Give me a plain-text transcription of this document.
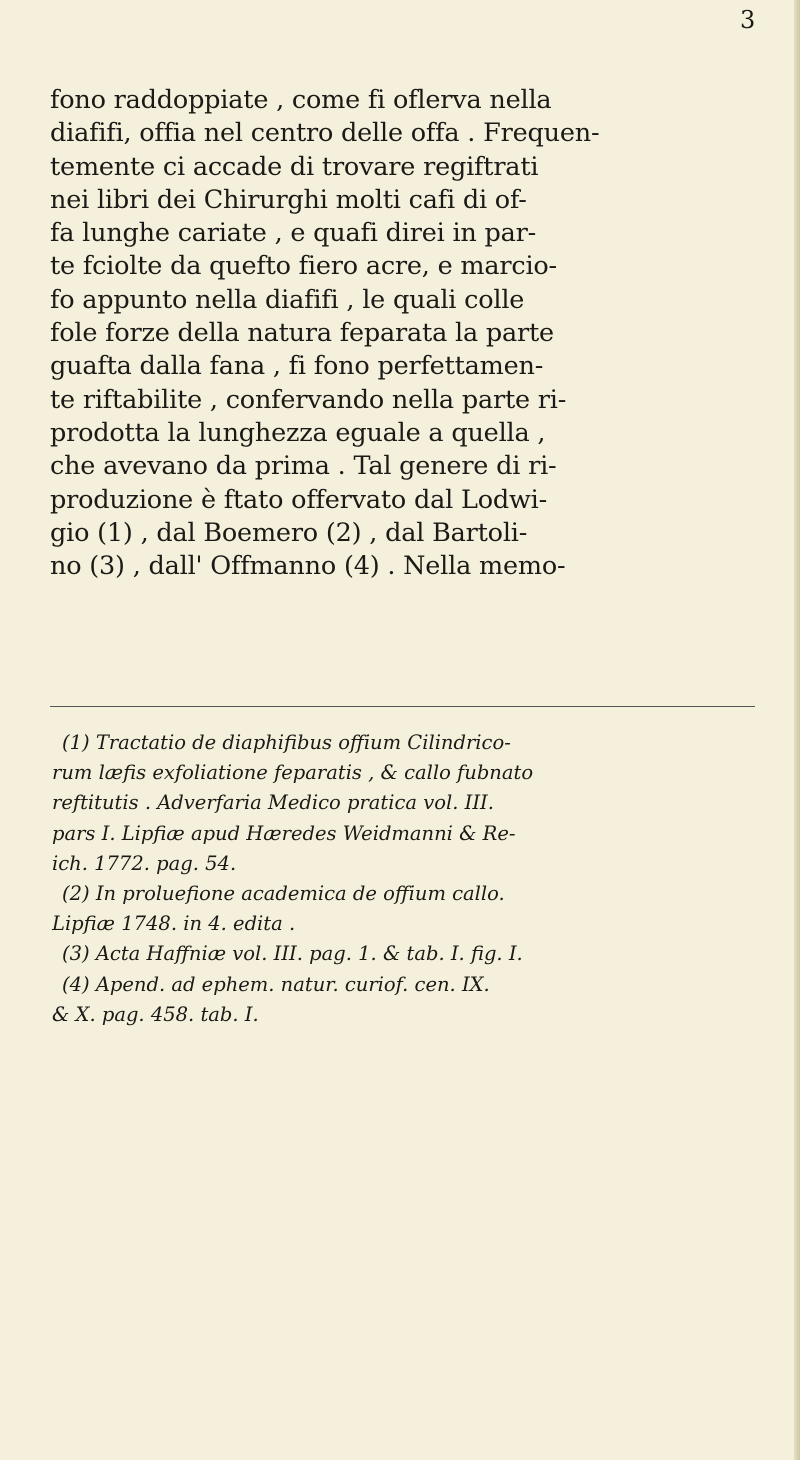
3
fono raddoppiate , come fi oflerva nella
diafifi, offia nel centro delle offa . Frequen-
temente ci accade di trovare regiftrati
nei libri dei Chirurghi molti cafi di of-
fa lunghe cariate , e quafi direi in par-
te fciolte da quefto fiero acre, e marcio-
fo appunto nella diafifi , le quali colle
fole forze della natura feparata la parte
guafta dalla fana , fi fono perfettamen-
te riftabilite , confervando nella parte ri-
prodotta la lunghezza eguale a quella ,
che avevano da prima . Tal genere di ri-
produzione è ftato offervato dal Lodwi-
gio (1) , dal Boemero (2) , dal Bartoli-
no (3) , dall' Offmanno (4) . Nella memo-
(1) Tractatio de diaphifibus offium Cilindrico-
rum læfis exfoliatione feparatis , & callo fubnato
reftitutis . Adverfaria Medico pratica vol. III.
pars I. Lipfiæ apud Hæredes Weidmanni & Re-
ich. 1772. pag. 54.
(2) In proluefione academica de offium callo.
Lipfiæ 1748. in 4. edita .
(3) Acta Haffniæ vol. III. pag. 1. & tab. I. fig. I.
(4) Apend. ad ephem. natur. curiof. cen. IX.
& X. pag. 458. tab. I.
